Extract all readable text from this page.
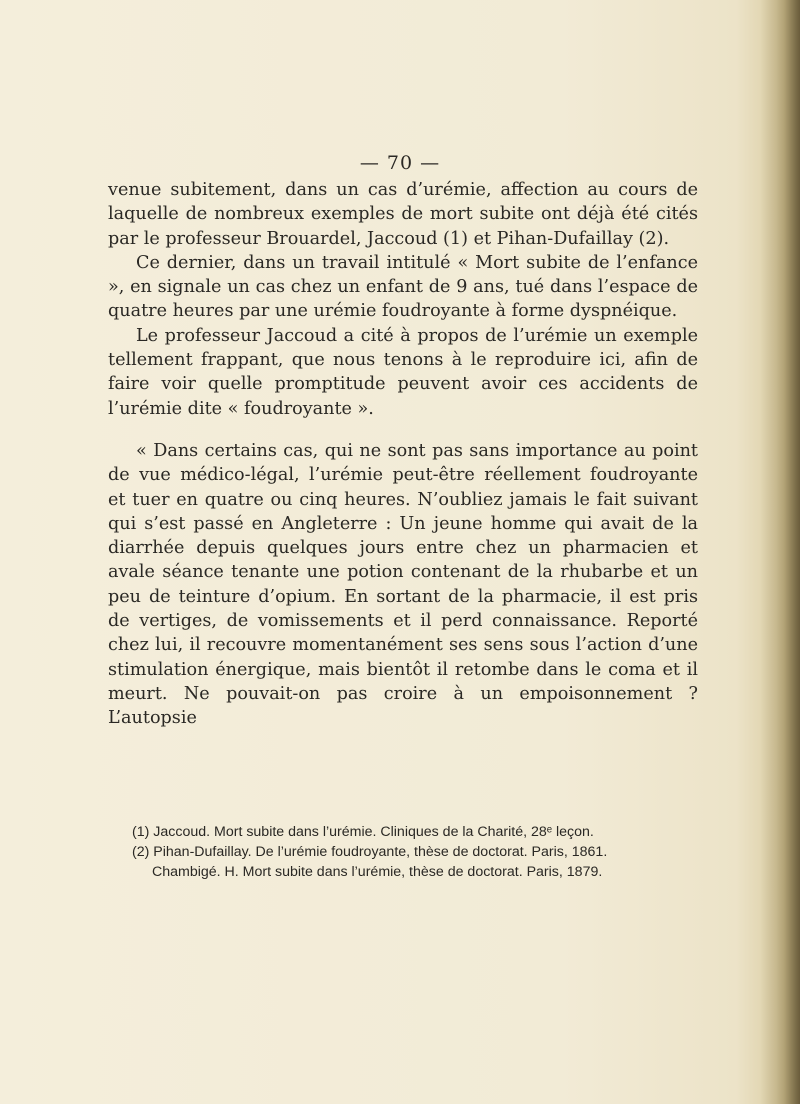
— 70 —

venue subitement, dans un cas d’urémie, affection au cours de laquelle de nombreux exemples de mort subite ont déjà été cités par le professeur Brouardel, Jaccoud (1) et Pihan-Dufaillay (2).

Ce dernier, dans un travail intitulé « Mort subite de l’enfance », en signale un cas chez un enfant de 9 ans, tué dans l’espace de quatre heures par une urémie foudroyante à forme dyspnéique.

Le professeur Jaccoud a cité à propos de l’urémie un exemple tellement frappant, que nous tenons à le reproduire ici, afin de faire voir quelle promptitude peuvent avoir ces accidents de l’urémie dite « foudroyante ».

« Dans certains cas, qui ne sont pas sans importance au point de vue médico-légal, l’urémie peut-être réellement foudroyante et tuer en quatre ou cinq heures. N’oubliez jamais le fait suivant qui s’est passé en Angleterre : Un jeune homme qui avait de la diarrhée depuis quelques jours entre chez un pharmacien et avale séance tenante une potion contenant de la rhubarbe et un peu de teinture d’opium. En sortant de la pharmacie, il est pris de vertiges, de vomissements et il perd connaissance. Reporté chez lui, il recouvre momentanément ses sens sous l’action d’une stimulation énergique, mais bientôt il retombe dans le coma et il meurt. Ne pouvait-on pas croire à un empoisonnement ? L’autopsie

(1) Jaccoud. Mort subite dans l’urémie. Cliniques de la Charité, 28ᵉ leçon.

(2) Pihan-Dufaillay. De l’urémie foudroyante, thèse de doctorat. Paris, 1861.

Chambigé. H. Mort subite dans l’urémie, thèse de doctorat. Paris, 1879.
